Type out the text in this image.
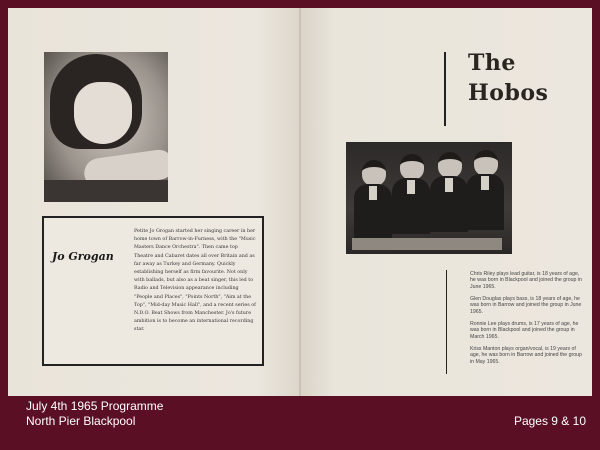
Jo Grogan
Petite Jo Grogan started her singing career in her home town of Barrow-in-Furness, with the "Music Masters Dance Orchestra". Then came top Theatre and Cabaret dates all over Britain and as far away as Turkey and Germany. Quickly establishing herself as firm favourite. Not only with ballads, but also as a beat singer, this led to Radio and Television appearance including "People and Places", "Points North", "Aim at the Top", "Mid-day Music Hall", and a recent series of N.D.O. Beat Shows from Manchester. Jo's future ambition is to become an international recording star.
The
Hobos
Chris Riley plays lead guitar, is 18 years of age, he was born in Blackpool and joined the group in June 1965.
Glen Douglas plays bass, is 18 years of age, he was born in Barrow and joined the group in June 1965.
Ronnie Lee plays drums, is 17 years of age, he was born in Blackpool and joined the group in March 1965.
Kriss Manton plays organ/vocal, is 19 years of age, he was born in Barrow and joined the group in May 1965.
July 4th 1965 Programme
North Pier Blackpool	Pages 9 & 10
